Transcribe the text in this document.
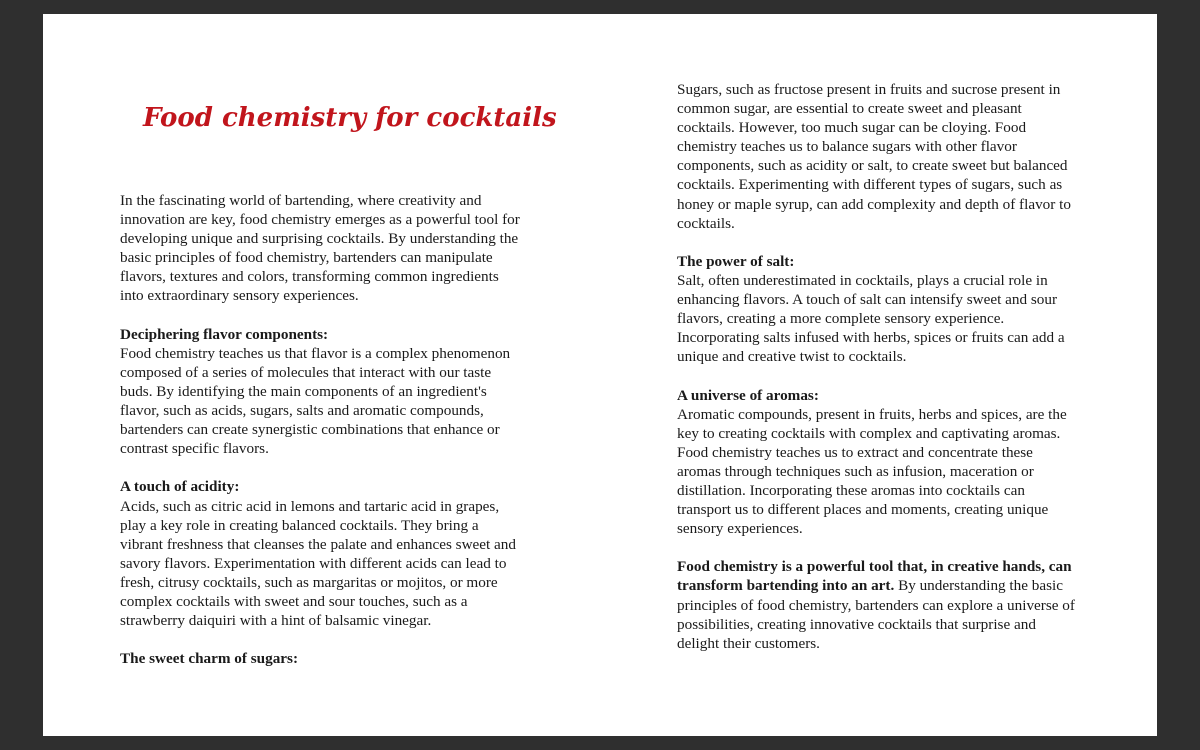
Food chemistry for cocktails

In the fascinating world of bartending, where creativity and innovation are key, food chemistry emerges as a powerful tool for developing unique and surprising cocktails. By understanding the basic principles of food chemistry, bartenders can manipulate flavors, textures and colors, transforming common ingredients into extraordinary sensory experiences.

Deciphering flavor components:
Food chemistry teaches us that flavor is a complex phenomenon composed of a series of molecules that interact with our taste buds. By identifying the main components of an ingredient's flavor, such as acids, sugars, salts and aromatic compounds, bartenders can create synergistic combinations that enhance or contrast specific flavors.

A touch of acidity:
Acids, such as citric acid in lemons and tartaric acid in grapes, play a key role in creating balanced cocktails. They bring a vibrant freshness that cleanses the palate and enhances sweet and savory flavors. Experimentation with different acids can lead to fresh, citrusy cocktails, such as margaritas or mojitos, or more complex cocktails with sweet and sour touches, such as a strawberry daiquiri with a hint of balsamic vinegar.

The sweet charm of sugars:

Sugars, such as fructose present in fruits and sucrose present in common sugar, are essential to create sweet and pleasant cocktails. However, too much sugar can be cloying. Food chemistry teaches us to balance sugars with other flavor components, such as acidity or salt, to create sweet but balanced cocktails. Experimenting with different types of sugars, such as honey or maple syrup, can add complexity and depth of flavor to cocktails.

The power of salt:
Salt, often underestimated in cocktails, plays a crucial role in enhancing flavors. A touch of salt can intensify sweet and sour flavors, creating a more complete sensory experience. Incorporating salts infused with herbs, spices or fruits can add a unique and creative twist to cocktails.

A universe of aromas:
Aromatic compounds, present in fruits, herbs and spices, are the key to creating cocktails with complex and captivating aromas. Food chemistry teaches us to extract and concentrate these aromas through techniques such as infusion, maceration or distillation. Incorporating these aromas into cocktails can transport us to different places and moments, creating unique sensory experiences.

Food chemistry is a powerful tool that, in creative hands, can transform bartending into an art. By understanding the basic principles of food chemistry, bartenders can explore a universe of possibilities, creating innovative cocktails that surprise and delight their customers.
